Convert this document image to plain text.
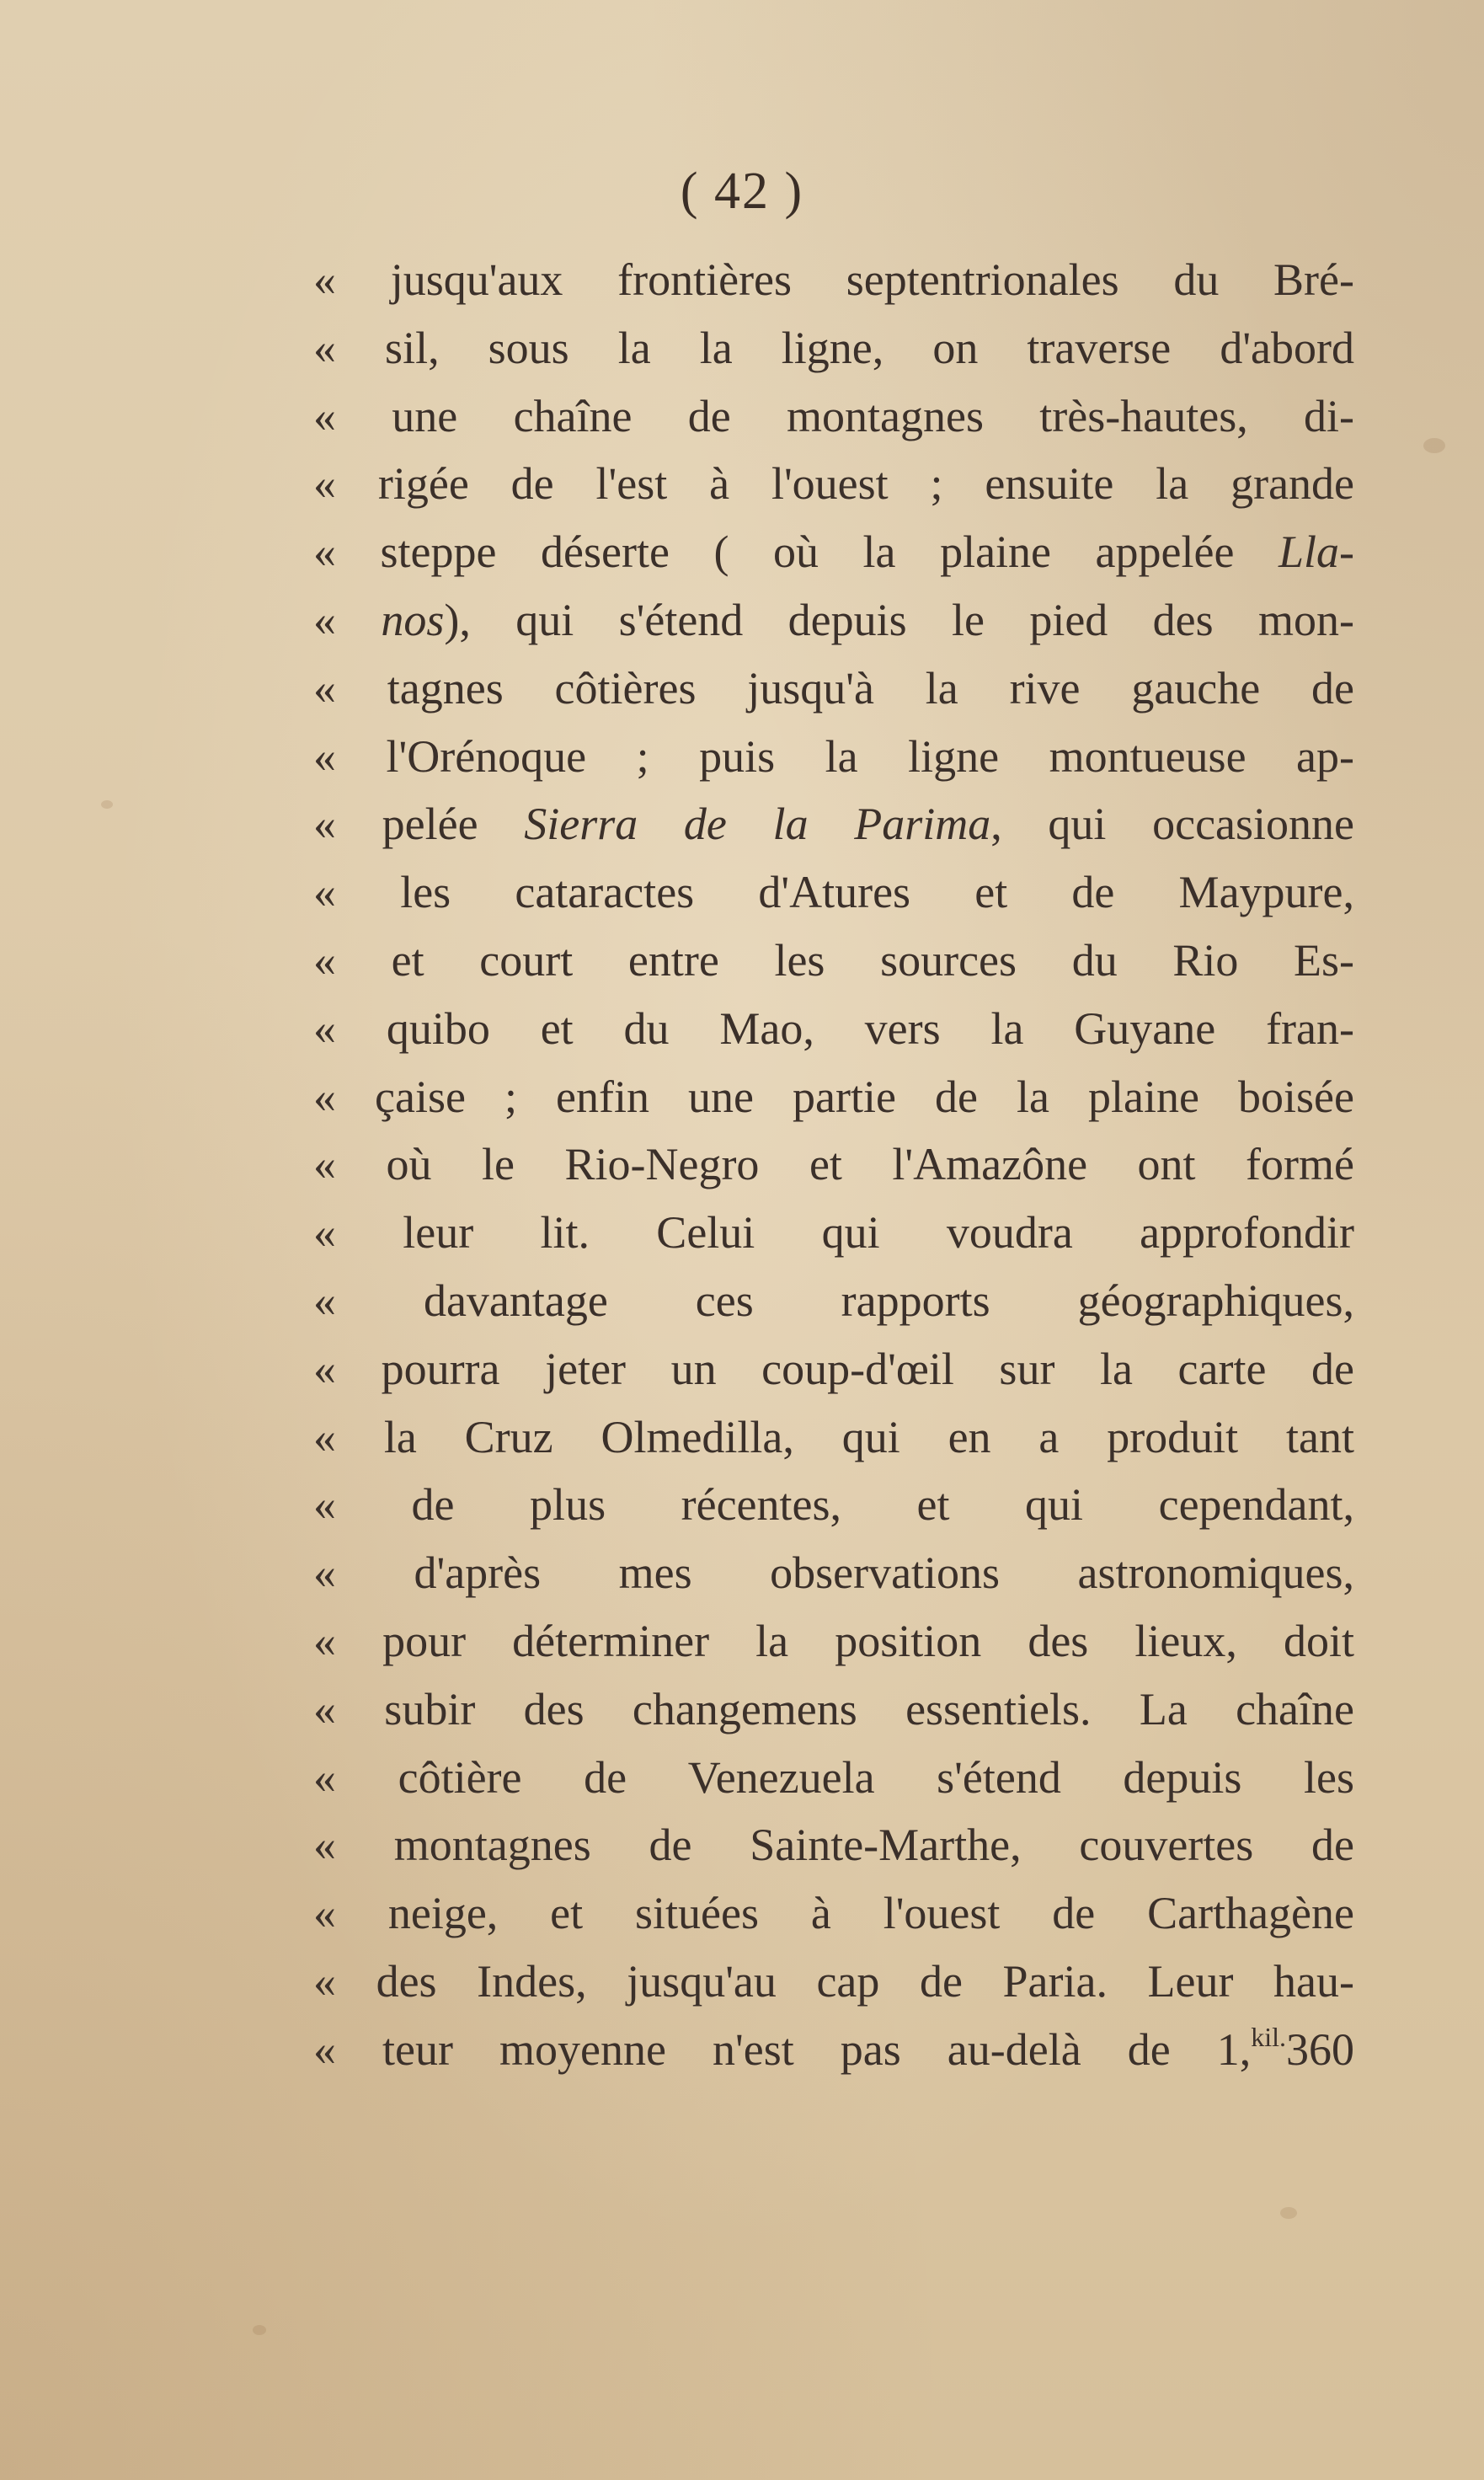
( 42 )
« jusqu'aux frontières septentrionales du Bré-
« sil, sous la la ligne, on traverse d'abord
« une chaîne de montagnes très-hautes, di-
« rigée de l'est à l'ouest ; ensuite la grande
« steppe déserte ( où la plaine appelée Lla-
« nos), qui s'étend depuis le pied des mon-
« tagnes côtières jusqu'à la rive gauche de
« l'Orénoque ; puis la ligne montueuse ap-
« pelée Sierra de la Parima, qui occasionne
« les cataractes d'Atures et de Maypure,
« et court entre les sources du Rio Es-
« quibo et du Mao, vers la Guyane fran-
« çaise ; enfin une partie de la plaine boisée
« où le Rio-Negro et l'Amazône ont formé
« leur lit. Celui qui voudra approfondir
« davantage ces rapports géographiques,
« pourra jeter un coup-d'œil sur la carte de
« la Cruz Olmedilla, qui en a produit tant
« de plus récentes, et qui cependant,
« d'après mes observations astronomiques,
« pour déterminer la position des lieux, doit
« subir des changemens essentiels. La chaîne
« côtière de Venezuela s'étend depuis les
« montagnes de Sainte-Marthe, couvertes de
« neige, et situées à l'ouest de Carthagène
« des Indes, jusqu'au cap de Paria. Leur hau-
« teur moyenne n'est pas au-delà de 1,$^{kil.}$360
